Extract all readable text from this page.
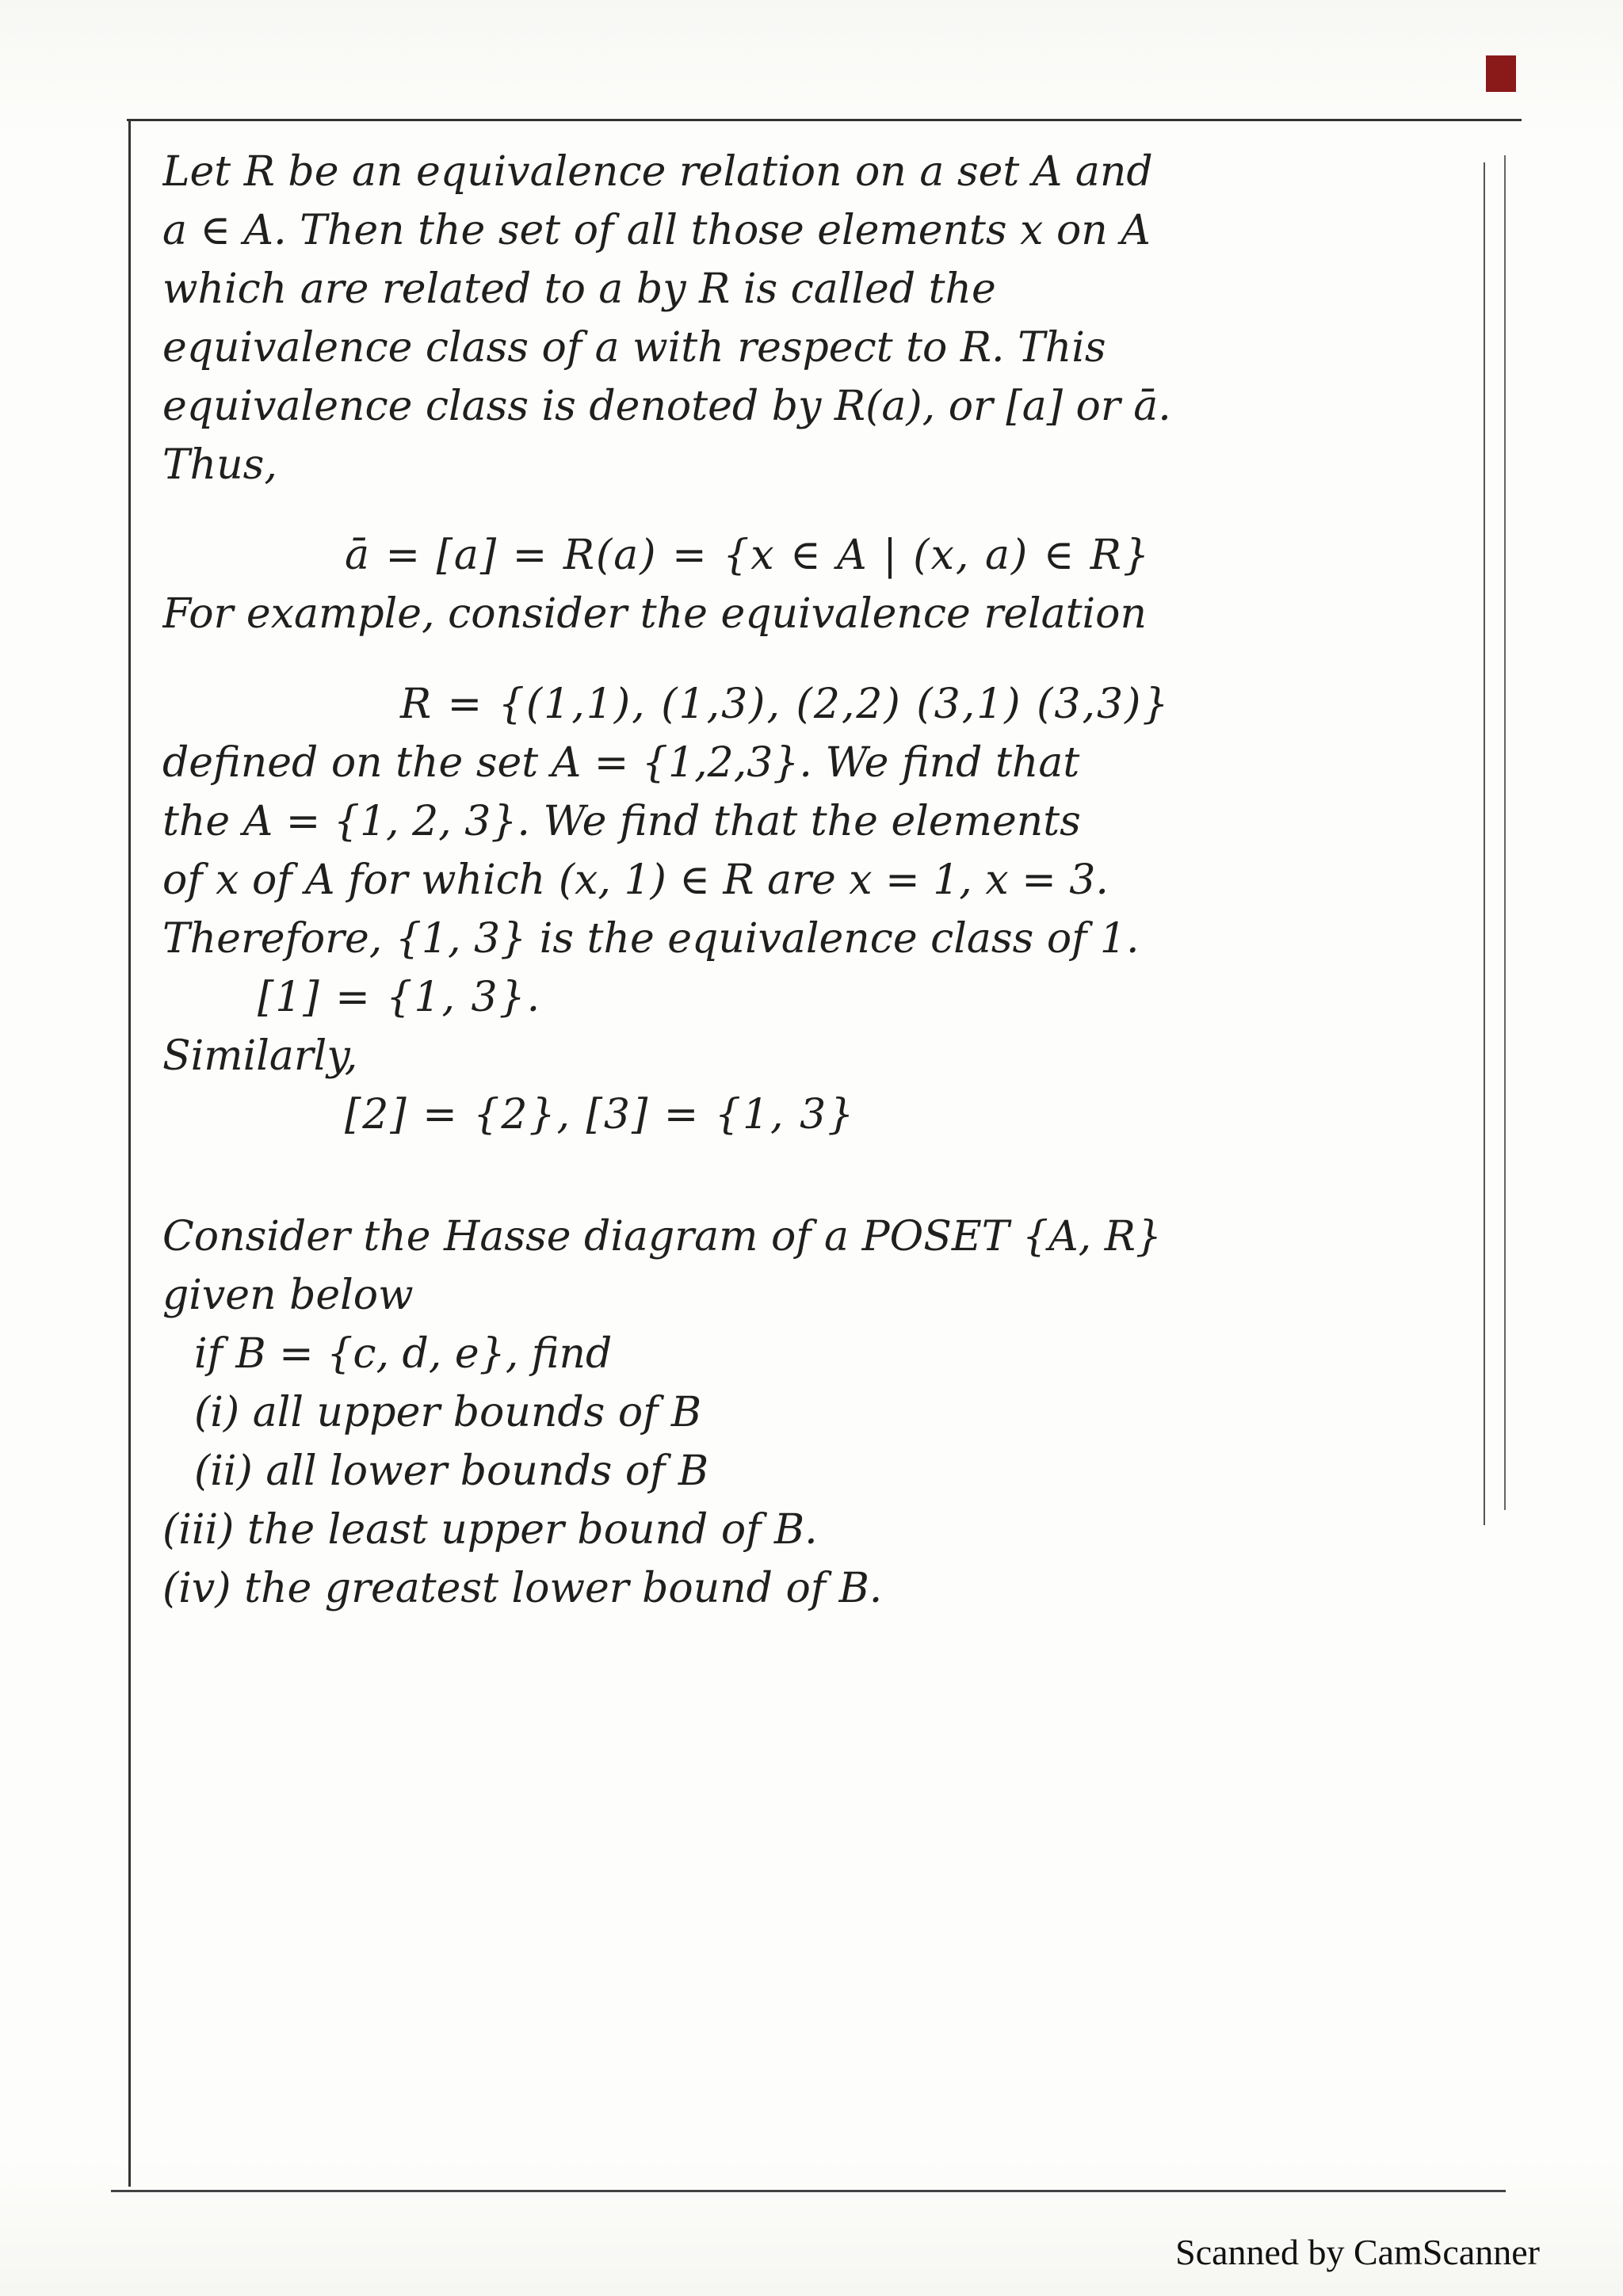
Let R be an equivalence relation on a set A and
a ∈ A. Then the set of all those elements x on A
which are related to a by R is called the
equivalence class of a with respect to R. This
equivalence class is denoted by R(a), or [a] or ā.
Thus,
ā = [a] = R(a) = {x ∈ A | (x, a) ∈ R}
For example, consider the equivalence relation
R = {(1,1), (1,3), (2,2) (3,1) (3,3)}
defined on the set A = {1,2,3}. We find that
the A = {1, 2, 3}. We find that the elements
of x of A for which (x, 1) ∈ R are x = 1, x = 3.
Therefore, {1, 3} is the equivalence class of 1.
[1] = {1, 3}.
Similarly,
[2] = {2}, [3] = {1, 3}
Consider the Hasse diagram of a POSET {A, R}
given below
if B = {c, d, e}, find
(i) all upper bounds of B
(ii) all lower bounds of B
(iii) the least upper bound of B.
(iv) the greatest lower bound of B.
Scanned by CamScanner
